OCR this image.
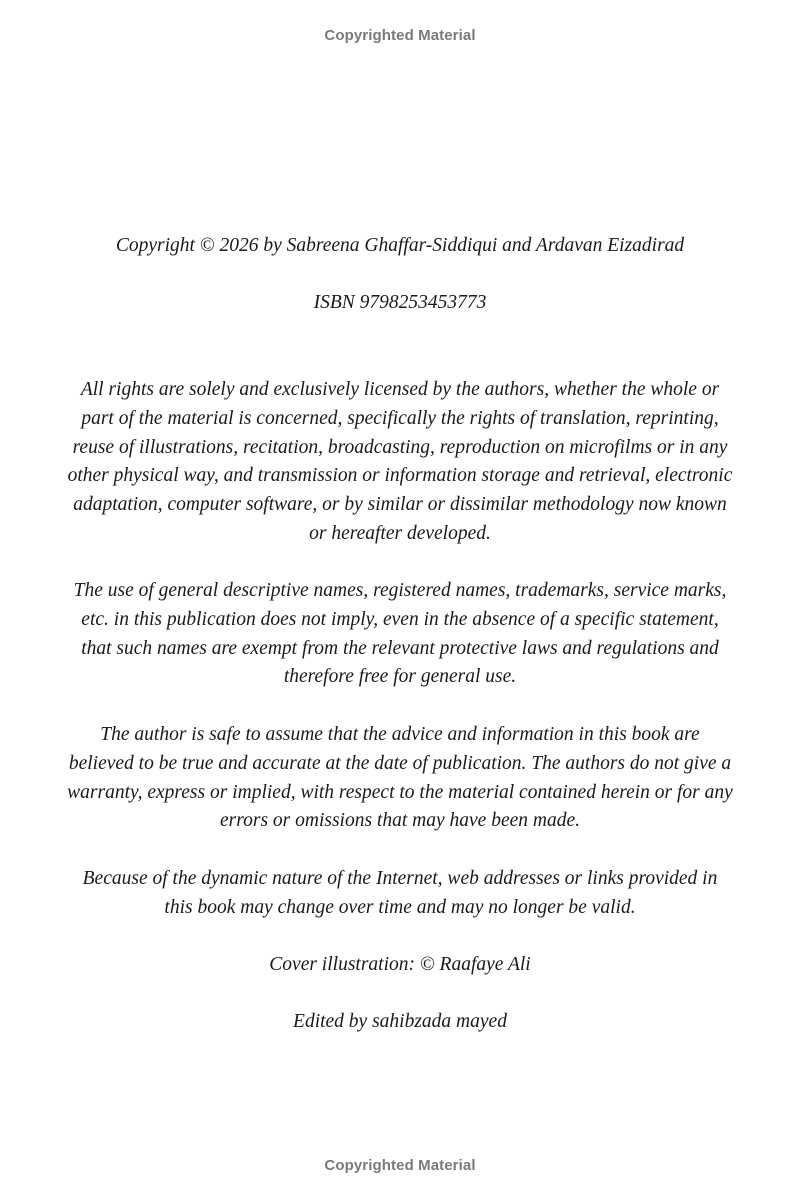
Copyrighted Material
Copyright © 2026 by Sabreena Ghaffar-Siddiqui and Ardavan Eizadirad
ISBN 9798253453773
All rights are solely and exclusively licensed by the authors, whether the whole or
part of the material is concerned, specifically the rights of translation, reprinting,
reuse of illustrations, recitation, broadcasting, reproduction on microfilms or in any
other physical way, and transmission or information storage and retrieval, electronic
adaptation, computer software, or by similar or dissimilar methodology now known
or hereafter developed.
The use of general descriptive names, registered names, trademarks, service marks,
etc. in this publication does not imply, even in the absence of a specific statement,
that such names are exempt from the relevant protective laws and regulations and
therefore free for general use.
The author is safe to assume that the advice and information in this book are
believed to be true and accurate at the date of publication. The authors do not give a
warranty, express or implied, with respect to the material contained herein or for any
errors or omissions that may have been made.
Because of the dynamic nature of the Internet, web addresses or links provided in
this book may change over time and may no longer be valid.
Cover illustration: © Raafaye Ali
Edited by sahibzada mayed
Copyrighted Material
